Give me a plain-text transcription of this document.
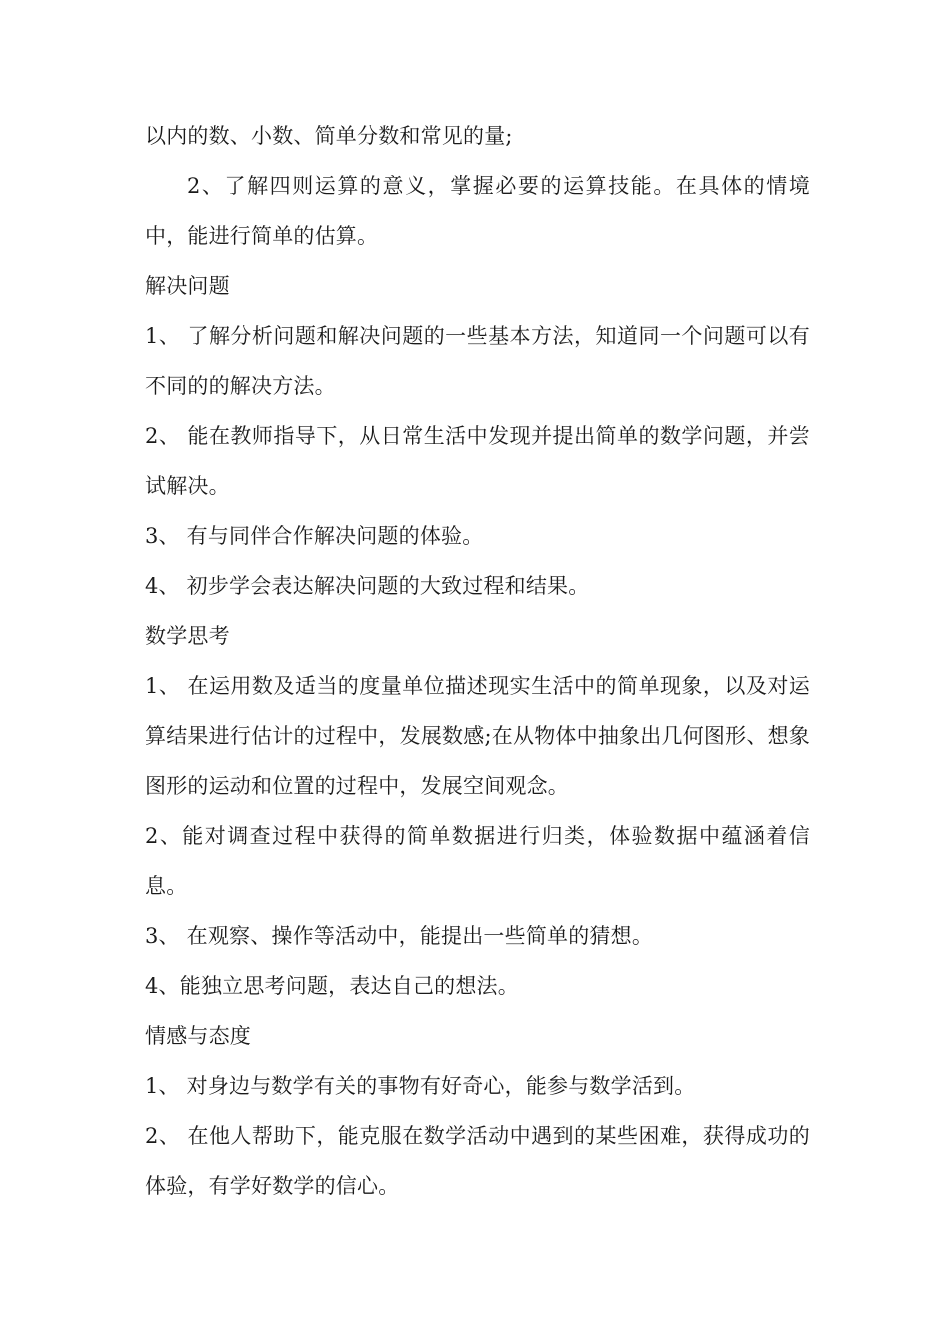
以内的数、小数、简单分数和常见的量;

2、了解四则运算的意义，掌握必要的运算技能。在具体的情境中，能进行简单的估算。

解决问题

1、 了解分析问题和解决问题的一些基本方法，知道同一个问题可以有不同的的解决方法。

2、 能在教师指导下，从日常生活中发现并提出简单的数学问题，并尝试解决。

3、 有与同伴合作解决问题的体验。

4、 初步学会表达解决问题的大致过程和结果。

数学思考

1、 在运用数及适当的度量单位描述现实生活中的简单现象，以及对运算结果进行估计的过程中，发展数感;在从物体中抽象出几何图形、想象图形的运动和位置的过程中，发展空间观念。

2、能对调查过程中获得的简单数据进行归类，体验数据中蕴涵着信息。

3、 在观察、操作等活动中，能提出一些简单的猜想。

4、能独立思考问题，表达自己的想法。

情感与态度

1、 对身边与数学有关的事物有好奇心，能参与数学活到。

2、 在他人帮助下，能克服在数学活动中遇到的某些困难，获得成功的体验，有学好数学的信心。
